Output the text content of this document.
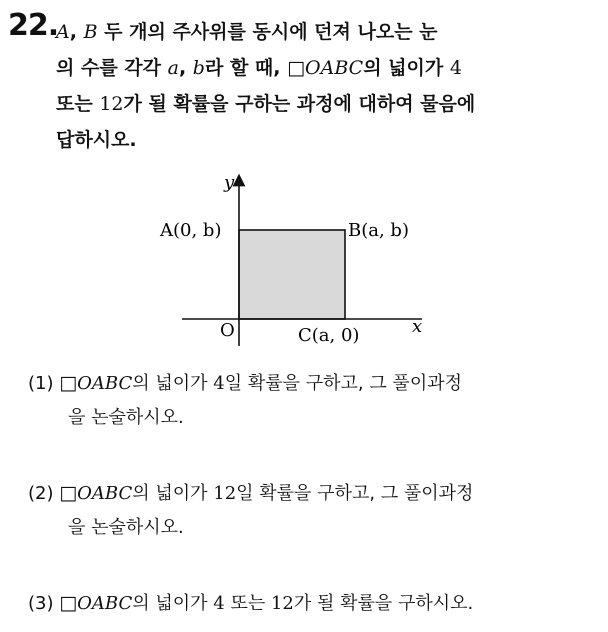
22.
A, B 두 개의 주사위를 동시에 던져 나오는 눈
의 수를 각각 a, b라 할 때, □OABC의 넓이가 4
또는 12가 될 확률을 구하는 과정에 대하여 물음에
답하시오.
y
x
O
A(0, b)	B(a, b)
C(a, 0)
(1) □OABC의 넓이가 4일 확률을 구하고, 그 풀이과정
을 논술하시오.
(2) □OABC의 넓이가 12일 확률을 구하고, 그 풀이과정
을 논술하시오.
(3) □OABC의 넓이가 4 또는 12가 될 확률을 구하시오.
